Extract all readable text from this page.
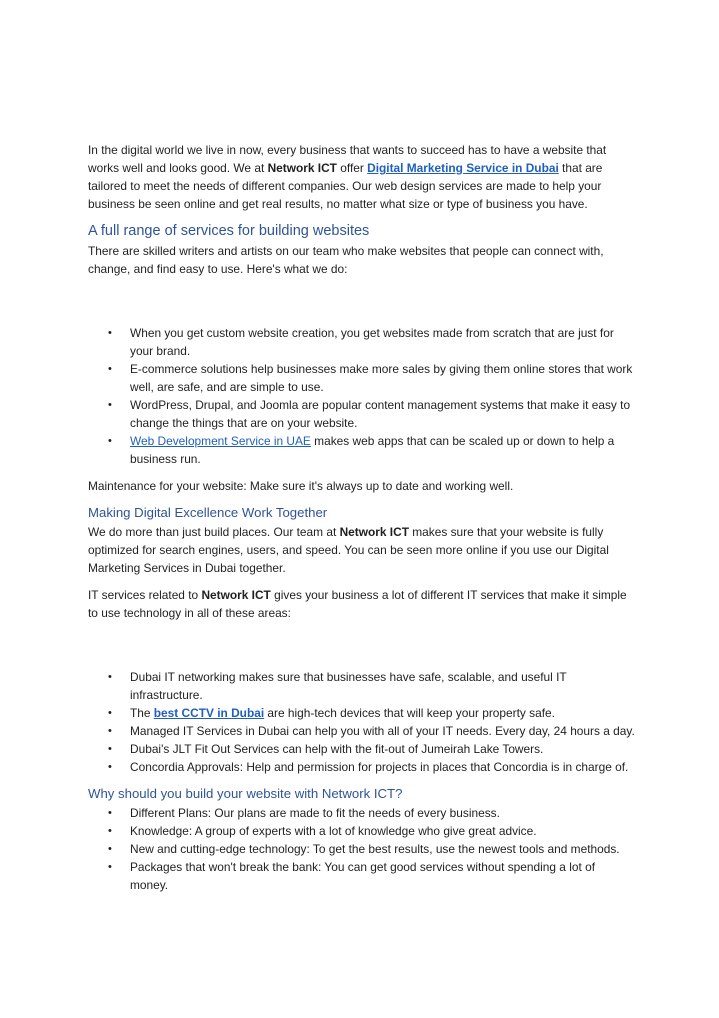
In the digital world we live in now, every business that wants to succeed has to have a website that works well and looks good. We at Network ICT offer Digital Marketing Service in Dubai that are tailored to meet the needs of different companies. Our web design services are made to help your business be seen online and get real results, no matter what size or type of business you have.

A full range of services for building websites

There are skilled writers and artists on our team who make websites that people can connect with, change, and find easy to use. Here's what we do:

• When you get custom website creation, you get websites made from scratch that are just for your brand.
• E-commerce solutions help businesses make more sales by giving them online stores that work well, are safe, and are simple to use.
• WordPress, Drupal, and Joomla are popular content management systems that make it easy to change the things that are on your website.
• Web Development Service in UAE makes web apps that can be scaled up or down to help a business run.

Maintenance for your website: Make sure it's always up to date and working well.

Making Digital Excellence Work Together

We do more than just build places. Our team at Network ICT makes sure that your website is fully optimized for search engines, users, and speed. You can be seen more online if you use our Digital Marketing Services in Dubai together.

IT services related to Network ICT gives your business a lot of different IT services that make it simple to use technology in all of these areas:

• Dubai IT networking makes sure that businesses have safe, scalable, and useful IT infrastructure.
• The best CCTV in Dubai are high-tech devices that will keep your property safe.
• Managed IT Services in Dubai can help you with all of your IT needs. Every day, 24 hours a day.
• Dubai's JLT Fit Out Services can help with the fit-out of Jumeirah Lake Towers.
• Concordia Approvals: Help and permission for projects in places that Concordia is in charge of.
Why should you build your website with Network ICT?
• Different Plans: Our plans are made to fit the needs of every business.
• Knowledge: A group of experts with a lot of knowledge who give great advice.
• New and cutting-edge technology: To get the best results, use the newest tools and methods.
• Packages that won't break the bank: You can get good services without spending a lot of money.
